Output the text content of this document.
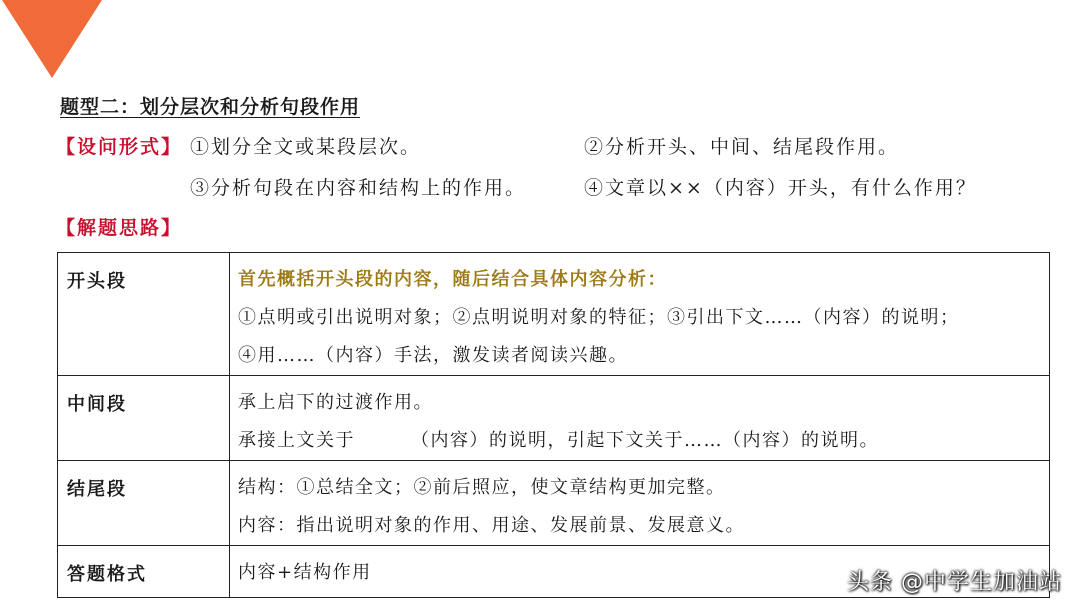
题型二：划分层次和分析句段作用
【设问形式】 ①划分全文或某段层次。	②分析开头、中间、结尾段作用。
③分析句段在内容和结构上的作用。	④文章以××（内容）开头，有什么作用？
【解题思路】
开头段	首先概括开头段的内容，随后结合具体内容分析：
①点明或引出说明对象；②点明说明对象的特征；③引出下文……（内容）的说明；
④用……（内容）手法，激发读者阅读兴趣。

中间段	承上启下的过渡作用。
承接上文关于 （内容）的说明，引起下文关于……（内容）的说明。

结尾段	结构：①总结全文；②前后照应，使文章结构更加完整。
内容：指出说明对象的作用、用途、发展前景、发展意义。

答题格式	内容+结构作用	头条 @中学生加油站
